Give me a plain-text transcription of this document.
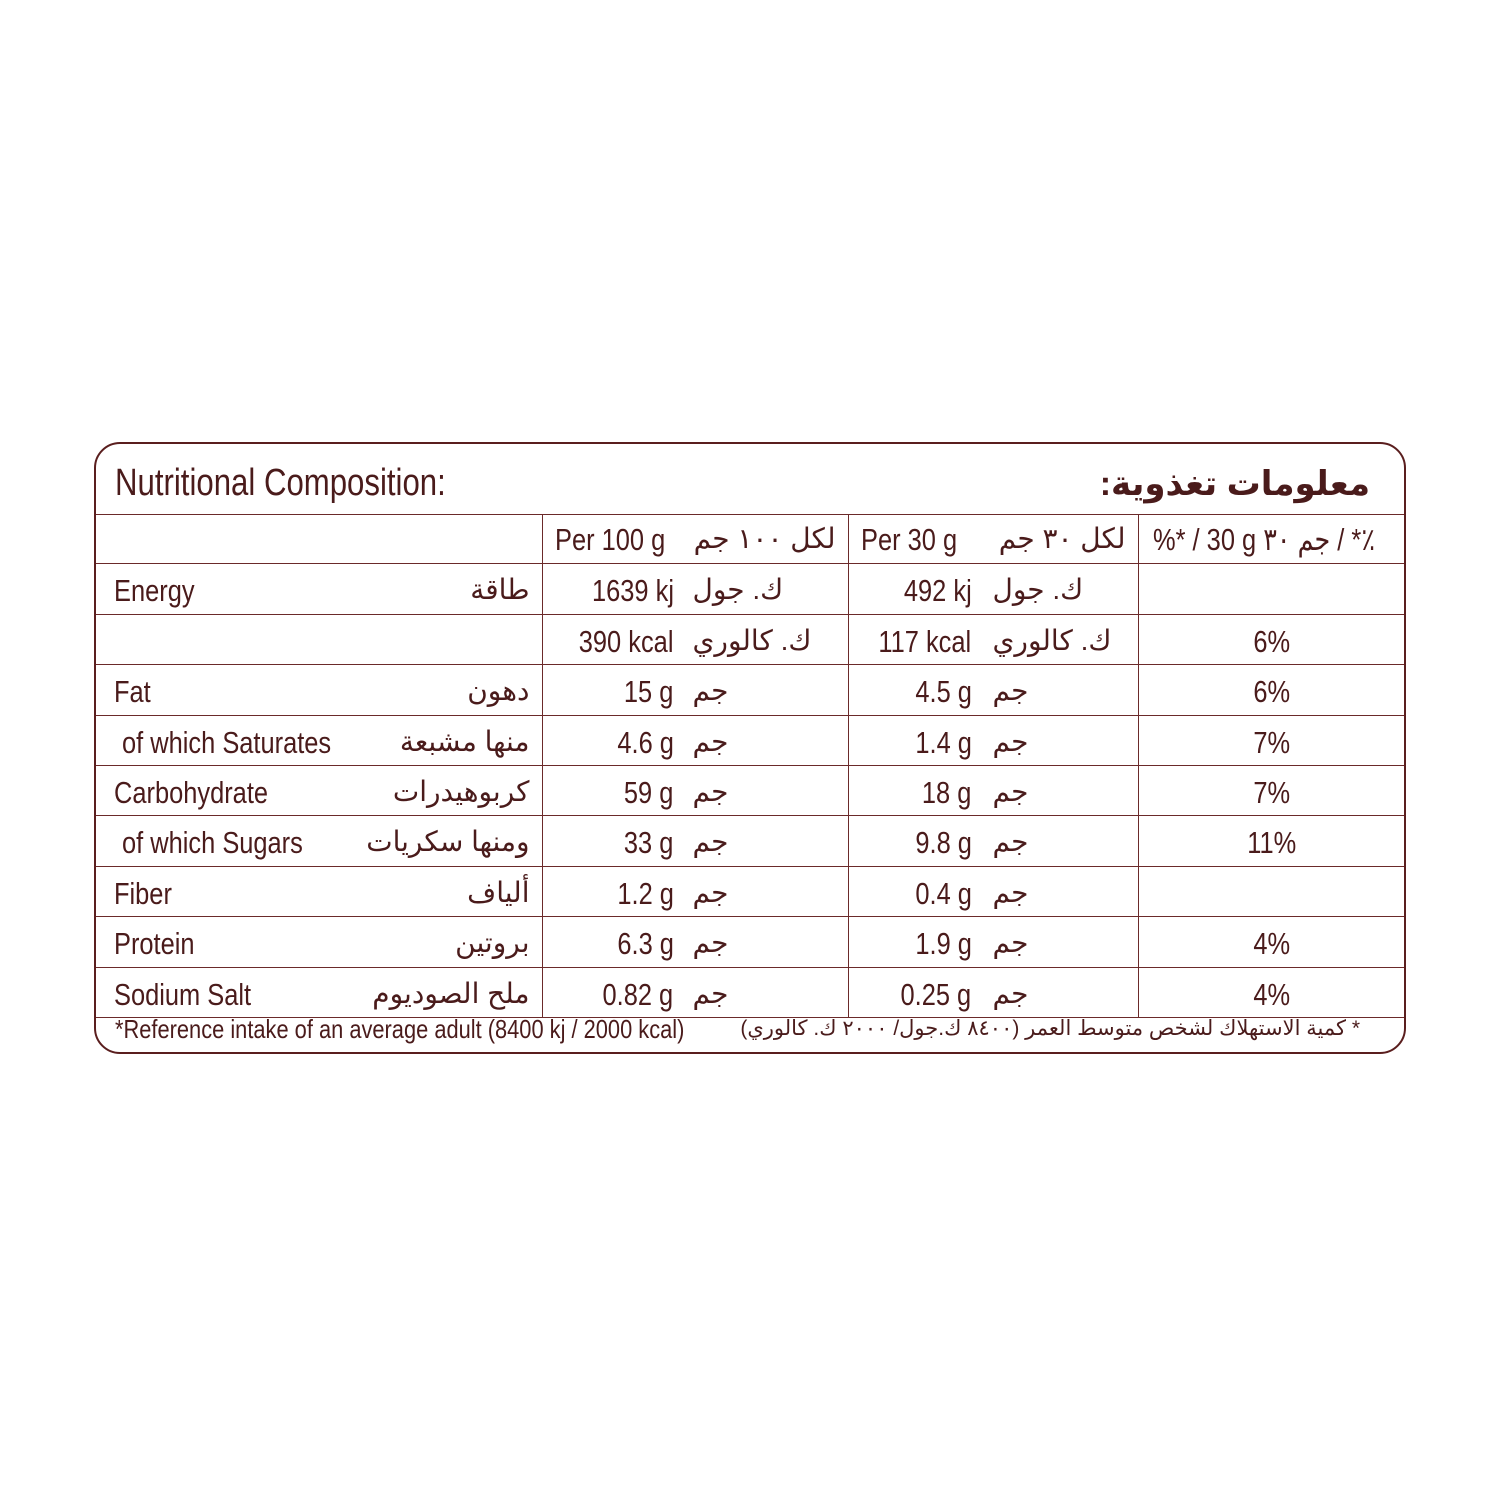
Nutritional Composition:	معلومات تغذوية:

	Per 100 g لكل ١٠٠ جم	Per 30 g لكل ٣٠ جم	%* / 30 g جم ٣٠ / *٪

Energy طاقة	1639 kj ك. جول	492 kj ك. جول	

	390 kcal ك. كالوري	117 kcal ك. كالوري	6%

Fat دهون	15 g جم	4.5 g جم	6%

of which Saturates منها مشبعة	4.6 g جم	1.4 g جم	7%

Carbohydrate كربوهيدرات	59 g جم	18 g جم	7%

of which Sugars ومنها سكريات	33 g جم	9.8 g جم	11%

Fiber ألياف	1.2 g جم	0.4 g جم	

Protein بروتين	6.3 g جم	1.9 g جم	4%

Sodium Salt ملح الصوديوم	0.82 g جم	0.25 g جم	4%
*Reference intake of an average adult (8400 kj / 2000 kcal)	* كمية الاستهلاك لشخص متوسط العمر (٨٤٠٠ ك.جول/ ٢٠٠٠ ك. كالوري)
